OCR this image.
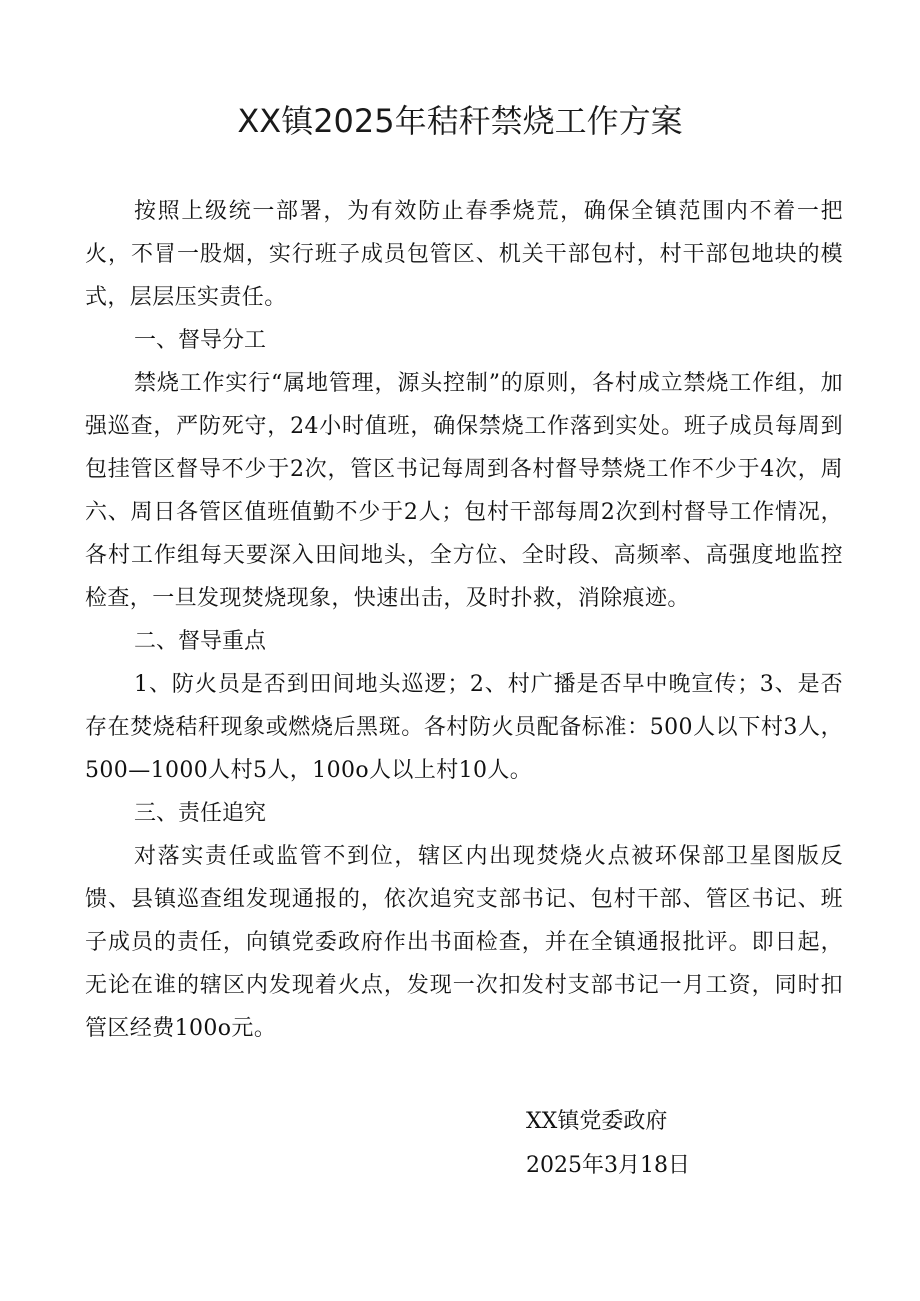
XX镇2025年秸秆禁烧工作方案

按照上级统一部署，为有效防止春季烧荒，确保全镇范围内不着一把火，不冒一股烟，实行班子成员包管区、机关干部包村，村干部包地块的模式，层层压实责任。

一、督导分工

禁烧工作实行“属地管理，源头控制”的原则，各村成立禁烧工作组，加强巡查，严防死守，24小时值班，确保禁烧工作落到实处。班子成员每周到包挂管区督导不少于2次，管区书记每周到各村督导禁烧工作不少于4次，周六、周日各管区值班值勤不少于2人；包村干部每周2次到村督导工作情况，各村工作组每天要深入田间地头，全方位、全时段、高频率、高强度地监控检查，一旦发现焚烧现象，快速出击，及时扑救，消除痕迹。

二、督导重点

1、防火员是否到田间地头巡逻；2、村广播是否早中晚宣传；3、是否存在焚烧秸秆现象或燃烧后黑斑。各村防火员配备标准：500人以下村3人，500—1000人村5人，100o人以上村10人。

三、责任追究

对落实责任或监管不到位，辖区内出现焚烧火点被环保部卫星图版反馈、县镇巡查组发现通报的，依次追究支部书记、包村干部、管区书记、班子成员的责任，向镇党委政府作出书面检查，并在全镇通报批评。即日起，无论在谁的辖区内发现着火点，发现一次扣发村支部书记一月工资，同时扣管区经费100o元。

XX镇党委政府
2025年3月18日
